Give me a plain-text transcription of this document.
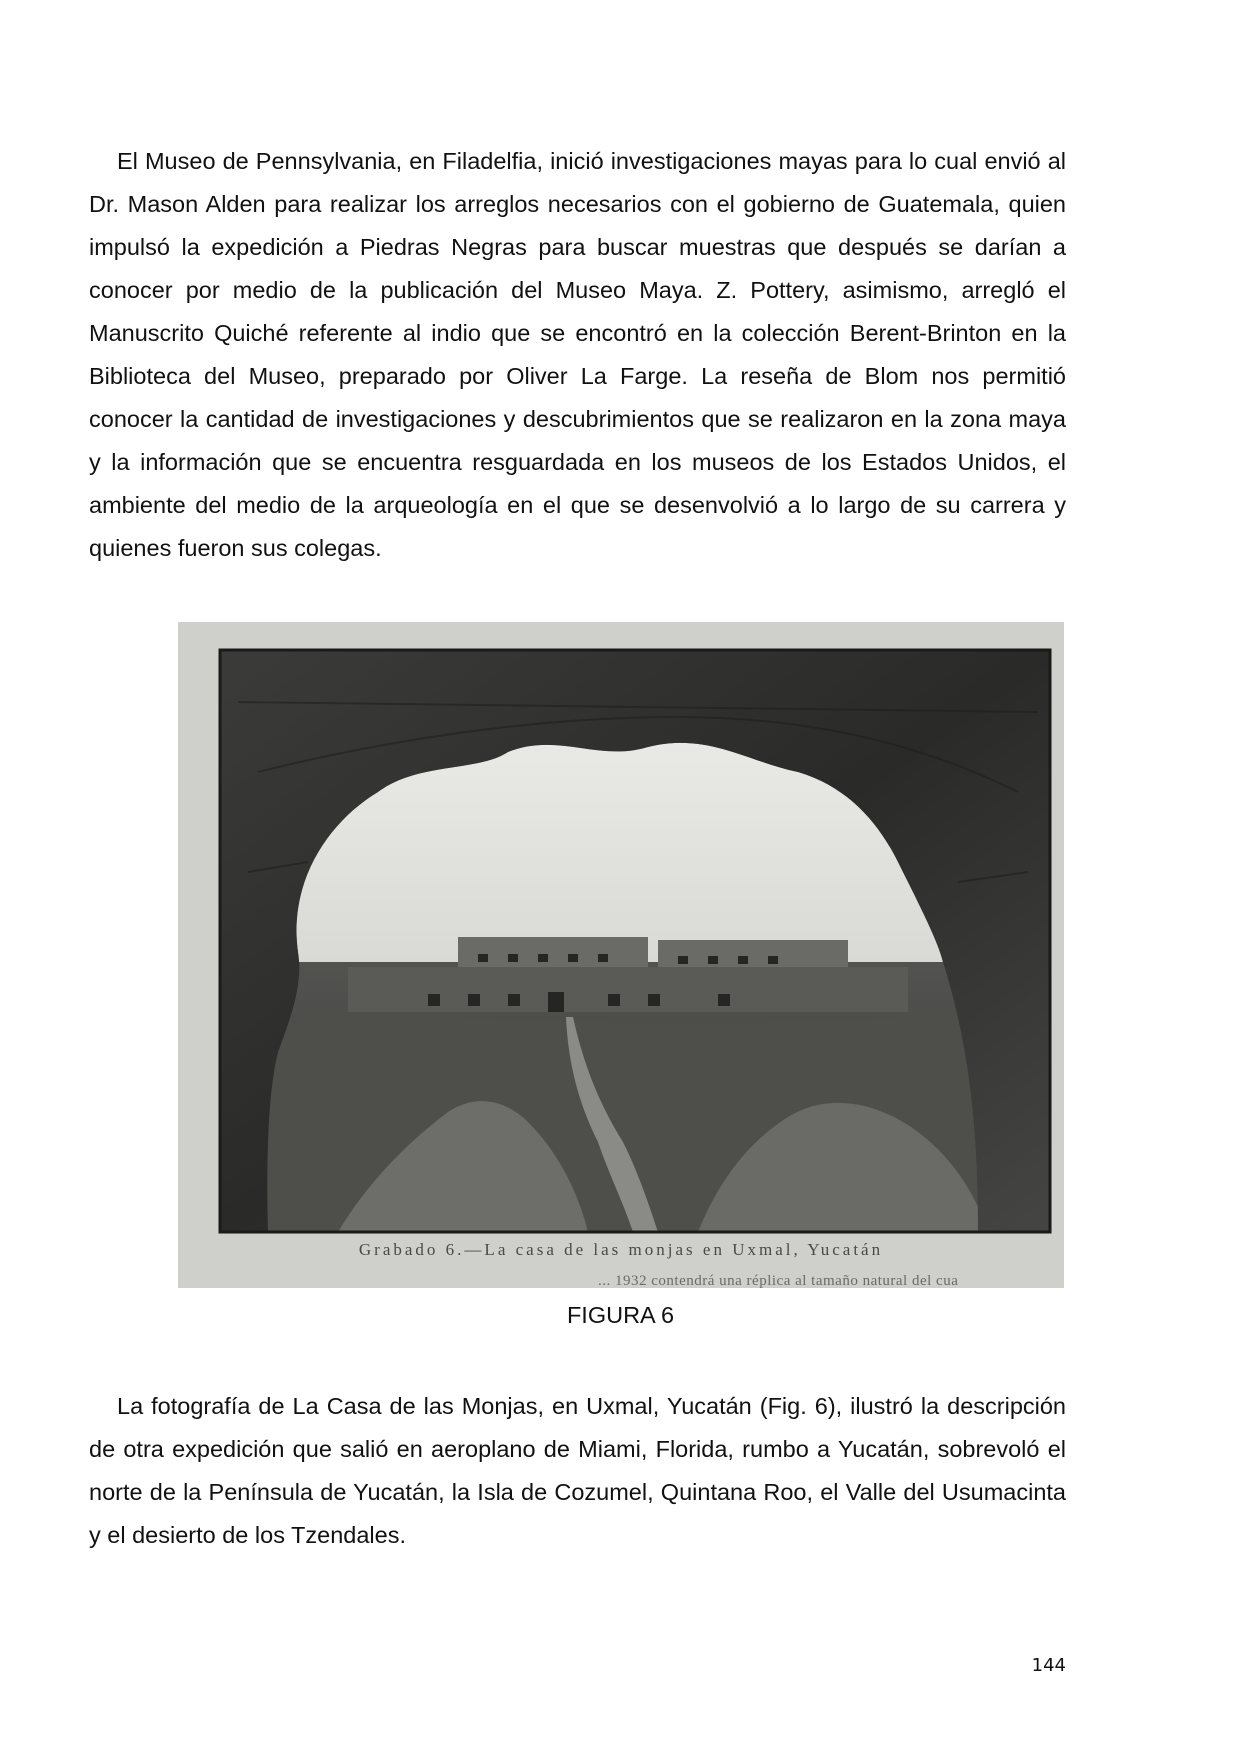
El Museo de Pennsylvania, en Filadelfia, inició investigaciones mayas para lo cual envió al Dr. Mason Alden para realizar los arreglos necesarios con el gobierno de Guatemala, quien impulsó la expedición a Piedras Negras para buscar muestras que después se darían a conocer por medio de la publicación del Museo Maya. Z. Pottery, asimismo, arregló el Manuscrito Quiché referente al indio que se encontró en la colección Berent-Brinton en la Biblioteca del Museo, preparado por Oliver La Farge. La reseña de Blom nos permitió conocer la cantidad de investigaciones y descubrimientos que se realizaron en la zona maya y la información que se encuentra resguardada en los museos de los Estados Unidos, el ambiente del medio de la arqueología en el que se desenvolvió a lo largo de su carrera y quienes fueron sus colegas.

Grabado 6.—La casa de las monjas en Uxmal, Yucatán
... 1932 contendrá una réplica al tamaño natural del cua

FIGURA 6

La fotografía de La Casa de las Monjas, en Uxmal, Yucatán (Fig. 6), ilustró la descripción de otra expedición que salió en aeroplano de Miami, Florida, rumbo a Yucatán, sobrevoló el norte de la Península de Yucatán, la Isla de Cozumel, Quintana Roo, el Valle del Usumacinta y el desierto de los Tzendales.

144
